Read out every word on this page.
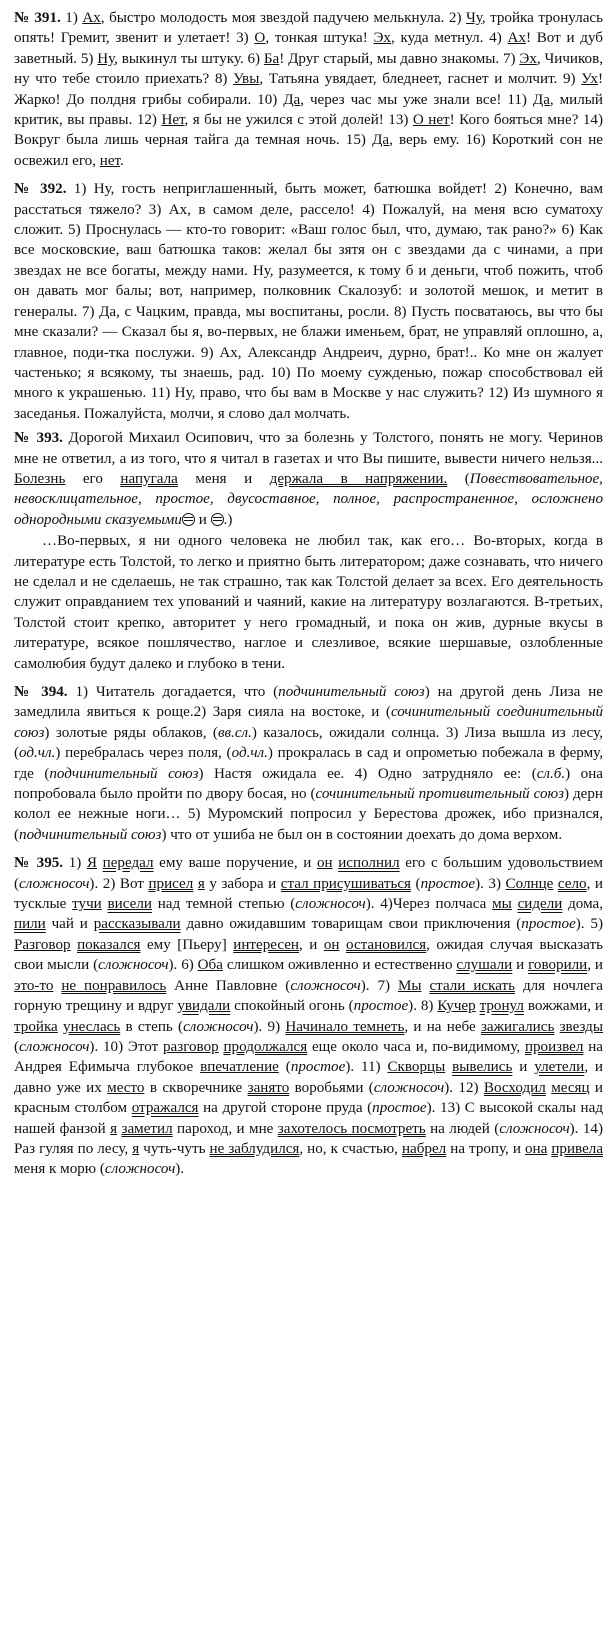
№ 391. 1) Ах, быстро молодость моя звездой падучею мелькнула. 2) Чу, тройка тронулась опять! Гремит, звенит и улетает! 3) О, тонкая штука! Эх, куда метнул. 4) Ах! Вот и дуб заветный. 5) Ну, выкинул ты штуку. 6) Ба! Друг старый, мы давно знакомы. 7) Эх, Чичиков, ну что тебе стоило приехать? 8) Увы, Татьяна увядает, бледнеет, гаснет и молчит. 9) Ух! Жарко! До полдня грибы собирали. 10) Да, через час мы уже знали все! 11) Да, милый критик, вы правы. 12) Нет, я бы не ужился с этой долей! 13) О нет! Кого бояться мне? 14) Вокруг была лишь черная тайга да темная ночь. 15) Да, верь ему. 16) Короткий сон не освежил его, нет.

№ 392. 1) Ну, гость неприглашенный, быть может, батюшка войдет! 2) Конечно, вам расстаться тяжело? 3) Ах, в самом деле, рассело! 4) Пожалуй, на меня всю суматоху сложит. 5) Проснулась — кто-то говорит: «Ваш голос был, что, думаю, так рано?» 6) Как все московские, ваш батюшка таков: желал бы зятя он с звездами да с чинами, а при звездах не все богаты, между нами. Ну, разумеется, к тому б и деньги, чтоб пожить, чтоб он давать мог балы; вот, например, полковник Скалозуб: и золотой мешок, и метит в генералы. 7) Да, с Чацким, правда, мы воспитаны, росли. 8) Пусть посватаюсь, вы что бы мне сказали? — Сказал бы я, во-первых, не блажи именьем, брат, не управляй оплошно, а, главное, поди-тка послужи. 9) Ах, Александр Андреич, дурно, брат!.. Ко мне он жалует частенько; я всякому, ты знаешь, рад. 10) По моему сужденью, пожар способствовал ей много к украшенью. 11) Ну, право, что бы вам в Москве у нас служить? 12) Из шумного я заседанья. Пожалуйста, молчи, я слово дал молчать.

№ 393. Дорогой Михаил Осипович, что за болезнь у Толстого, понять не могу. Черинов мне не ответил, а из того, что я читал в газетах и что Вы пишите, вывести ничего нельзя... Болезнь его напугала меня и держала в напряжении. (Повествовательное, невосклицательное, простое, двусоставное, полное, распространенное, осложнено однородными сказуемыми и .)

…Во-первых, я ни одного человека не любил так, как его… Во-вторых, когда в литературе есть Толстой, то легко и приятно быть литератором; даже сознавать, что ничего не сделал и не сделаешь, не так страшно, так как Толстой делает за всех. Его деятельность служит оправданием тех упований и чаяний, какие на литературу возлагаются. В-третьих, Толстой стоит крепко, авторитет у него громадный, и пока он жив, дурные вкусы в литературе, всякое пошлячество, наглое и слезливое, всякие шершавые, озлобленные самолюбия будут далеко и глубоко в тени.

№ 394. 1) Читатель догадается, что (подчинительный союз) на другой день Лиза не замедлила явиться к роще.2) Заря сияла на востоке, и (сочинительный соединительный союз) золотые ряды облаков, (вв.сл.) казалось, ожидали солнца. 3) Лиза вышла из лесу, (од.чл.) перебралась через поля, (од.чл.) прокралась в сад и опрометью побежала в ферму, где (подчинительный союз) Настя ожидала ее. 4) Одно затрудняло ее: (сл.б.) она попробовала было пройти по двору босая, но (сочинительный противительный союз) дерн колол ее нежные ноги… 5) Муромский попросил у Берестова дрожек, ибо признался, (подчинительный союз) что от ушиба не был он в состоянии доехать до дома верхом.

№ 395. 1) Я передал ему ваше поручение, и он исполнил его с большим удовольствием (сложносоч). 2) Вот присел я у забора и стал присушиваться (простое). 3) Солнце село, и тусклые тучи висели над темной степью (сложносоч). 4)Через полчаса мы сидели дома, пили чай и рассказывали давно ожидавшим товарищам свои приключения (простое). 5) Разговор показался ему [Пьеру] интересен, и он остановился, ожидая случая высказать свои мысли (сложносоч). 6) Оба слишком оживленно и естественно слушали и говорили, и это-то не понравилось Анне Павловне (сложносоч). 7) Мы стали искать для ночлега горную трещину и вдруг увидали спокойный огонь (простое). 8) Кучер тронул вожжами, и тройка унеслась в степь (сложносоч). 9) Начинало темнеть, и на небе зажигались звезды (сложносоч). 10) Этот разговор продолжался еще около часа и, по-видимому, произвел на Андрея Ефимыча глубокое впечатление (простое). 11) Скворцы вывелись и улетели, и давно уже их место в скворечнике занято воробьями (сложносоч). 12) Восходил месяц и красным столбом отражался на другой стороне пруда (простое). 13) С высокой скалы над нашей фанзой я заметил пароход, и мне захотелось посмотреть на людей (сложносоч). 14) Раз гуляя по лесу, я чуть-чуть не заблудился, но, к счастью, набрел на тропу, и она привела меня к морю (сложносоч).
